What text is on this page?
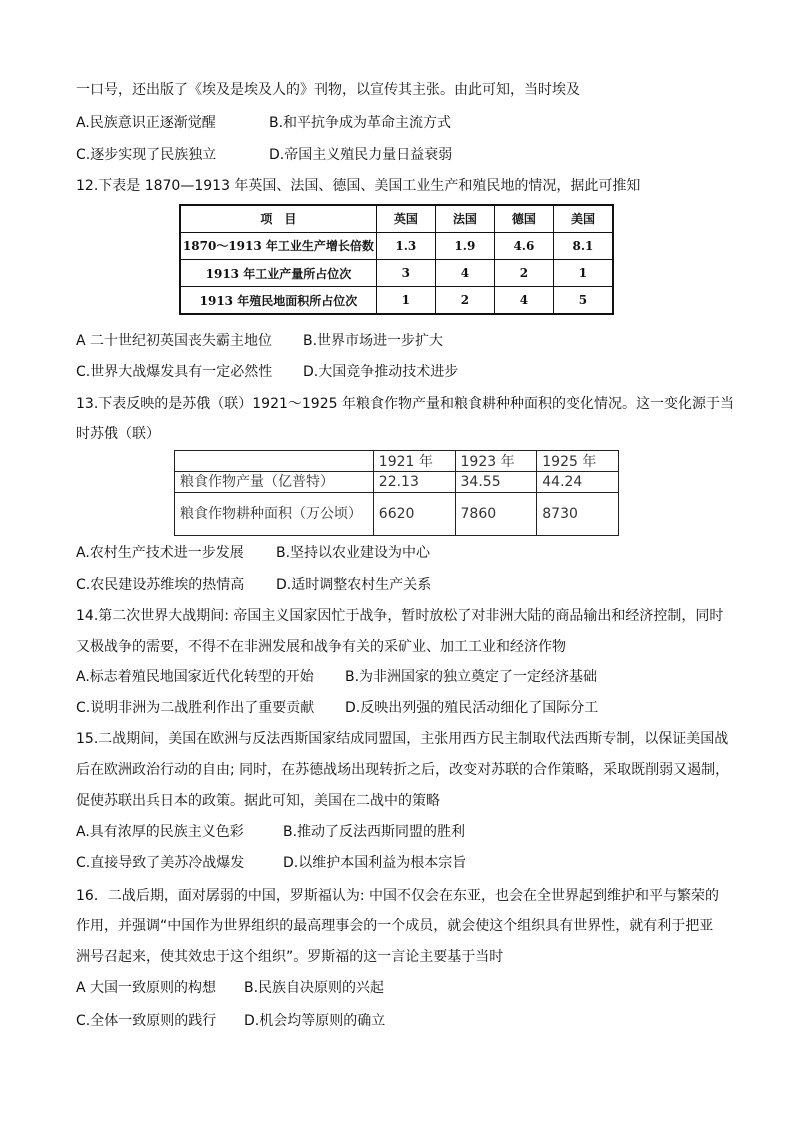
一口号，还出版了《埃及是埃及人的》刊物，以宣传其主张。由此可知，当时埃及
A.民族意识正逐渐觉醒	B.和平抗争成为革命主流方式
C.逐步实现了民族独立	D.帝国主义殖民力量日益衰弱
12.下表是 1870—1913 年英国、法国、德国、美国工业生产和殖民地的情况，据此可推知
项　目	英国	法国	德国	美国
1870～1913 年工业生产增长倍数	1.3	1.9	4.6	8.1
1913 年工业产量所占位次	3	4	2	1
1913 年殖民地面积所占位次	1	2	4	5
A 二十世纪初英国丧失霸主地位 B.世界市场进一步扩大
C.世界大战爆发具有一定必然性 D.大国竞争推动技术进步
13.下表反映的是苏俄（联）1921～1925 年粮食作物产量和粮食耕种种面积的变化情况。这一变化源于当
时苏俄（联）
	1921 年	1923 年	1925 年
粮食作物产量（亿普特）	22.13	34.55	44.24
粮食作物耕种面积（万公顷）	6620	7860	8730
A.农村生产技术进一步发展 B.坚持以农业建设为中心
C.农民建设苏维埃的热情高 D.适时调整农村生产关系
14.第二次世界大战期间: 帝国主义国家因忙于战争，暂时放松了对非洲大陆的商品输出和经济控制，同时
又极战争的需要，不得不在非洲发展和战争有关的采矿业、加工工业和经济作物
A.标志着殖民地国家近代化转型的开始 B.为非洲国家的独立奠定了一定经济基础
C.说明非洲为二战胜利作出了重要贡献 D.反映出列强的殖民活动细化了国际分工
15.二战期间，美国在欧洲与反法西斯国家结成同盟国，主张用西方民主制取代法西斯专制，以保证美国战
后在欧洲政治行动的自由; 同时，在苏德战场出现转折之后，改变对苏联的合作策略，采取既削弱又遏制，
促使苏联出兵日本的政策。据此可知，美国在二战中的策略
A.具有浓厚的民族主义色彩	B.推动了反法西斯同盟的胜利
C.直接导致了美苏冷战爆发	D.以维护本国利益为根本宗旨
16．二战后期，面对孱弱的中国，罗斯福认为: 中国不仅会在东亚，也会在全世界起到维护和平与繁荣的
作用，并强调“中国作为世界组织的最高理事会的一个成员，就会使这个组织具有世界性，就有利于把亚
洲号召起来，使其效忠于这个组织”。罗斯福的这一言论主要基于当时
A 大国一致原则的构想 B.民族自决原则的兴起
C.全体一致原则的践行 D.机会均等原则的确立
